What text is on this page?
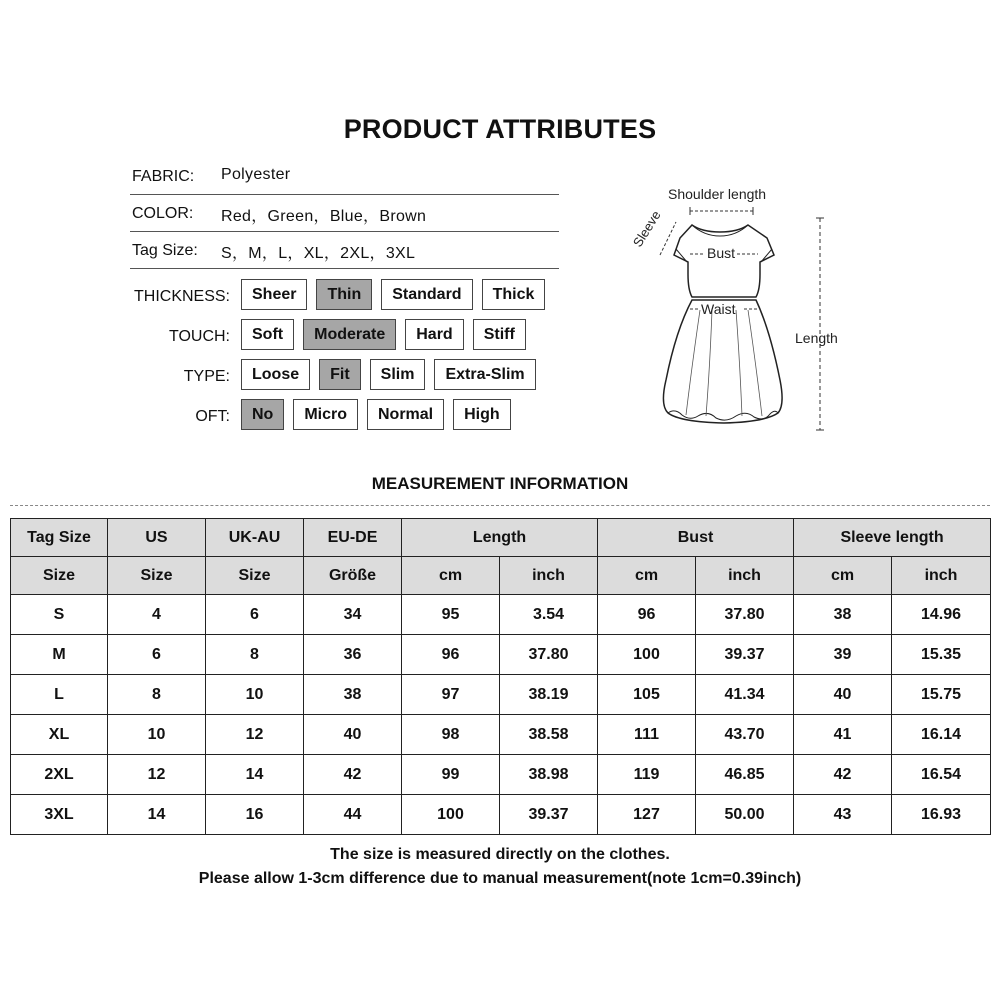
PRODUCT ATTRIBUTES
FABRIC: Polyester
COLOR: Red，Green，Blue，Brown
Tag Size: S，M，L，XL，2XL，3XL
THICKNESS:	Sheer	Thin	Standard	Thick
TOUCH:	Soft	Moderate	Hard	Stiff
TYPE:	Loose	Fit	Slim	Extra-Slim
OFT:	No	Micro	Normal	High
Shoulder length
Sleeve
Bust
Waist
Length
MEASUREMENT INFORMATION
Tag Size	US	UK-AU	EU-DE	Length		Bust		Sleeve length	
Size	Size	Size	Größe	cm	inch	cm	inch	cm	inch
S	4	6	34	95	3.54	96	37.80	38	14.96
M	6	8	36	96	37.80	100	39.37	39	15.35
L	8	10	38	97	38.19	105	41.34	40	15.75
XL	10	12	40	98	38.58	111	43.70	41	16.14
2XL	12	14	42	99	38.98	119	46.85	42	16.54
3XL	14	16	44	100	39.37	127	50.00	43	16.93
The size is measured directly on the clothes.
Please allow 1-3cm difference due to manual measurement(note 1cm=0.39inch)
